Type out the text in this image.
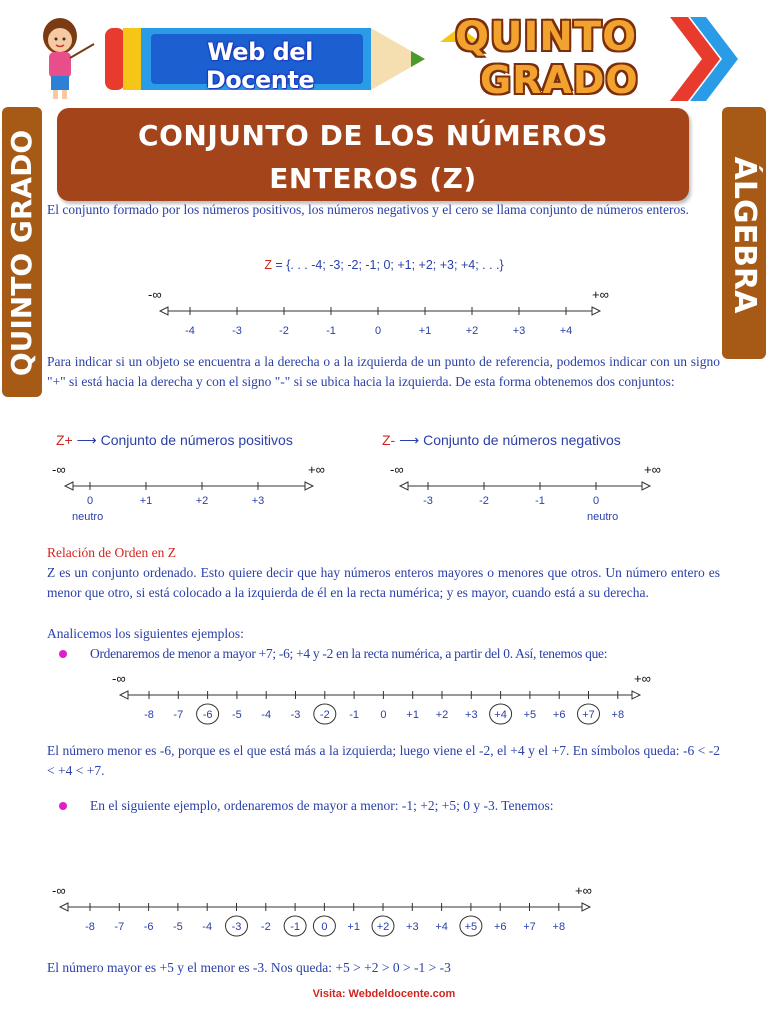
Web del Docente
QUINTO
GRADO
QUINTO GRADO	ÁLGEBRA
CONJUNTO DE LOS NÚMEROS
ENTEROS (Z)
El conjunto formado por los números positivos, los números negativos y el cero se llama conjunto de números enteros.
Z = {. . . -4; -3; -2; -1; 0; +1; +2; +3; +4; . . .}
-∞	+∞
-4	-3	-2	-1	0	+1	+2	+3	+4
-∞	+∞
0	+1	+2	+3
-∞	+∞
-3	-2	-1	0
-∞	+∞
-8 -7 -6 -5 -4 -3 -2 -1 0 +1 +2 +3 +4 +5 +6 +7 +8
-∞	+∞
-8 -7 -6 -5 -4 -3 -2 -1 0 +1 +2 +3 +4 +5 +6 +7 +8
Para indicar si un objeto se encuentra a la derecha o a la izquierda de un punto de referencia, podemos indicar con un signo "+" si está hacia la derecha y con el signo "-" si se ubica hacia la izquierda. De esta forma obtenemos dos conjuntos:
Z+ ⟶ Conjunto de números positivos	Z- ⟶ Conjunto de números negativos
neutro	neutro
Relación de Orden en Z
Z es un conjunto ordenado. Esto quiere decir que hay números enteros mayores o menores que otros. Un número entero es menor que otro, si está colocado a la izquierda de él en la recta numérica; y es mayor, cuando está a su derecha.
Analicemos los siguientes ejemplos:
Ordenaremos de menor a mayor +7; -6; +4 y -2 en la recta numérica, a partir del 0. Así, tenemos que:
El número menor es -6, porque es el que está más a la izquierda; luego viene el -2, el +4 y el +7. En símbolos queda: -6 < -2 < +4 < +7.
En el siguiente ejemplo, ordenaremos de mayor a menor: -1; +2; +5; 0 y -3. Tenemos:
El número mayor es +5 y el menor es -3. Nos queda: +5 > +2 > 0 > -1 > -3
Visita: Webdeldocente.com
